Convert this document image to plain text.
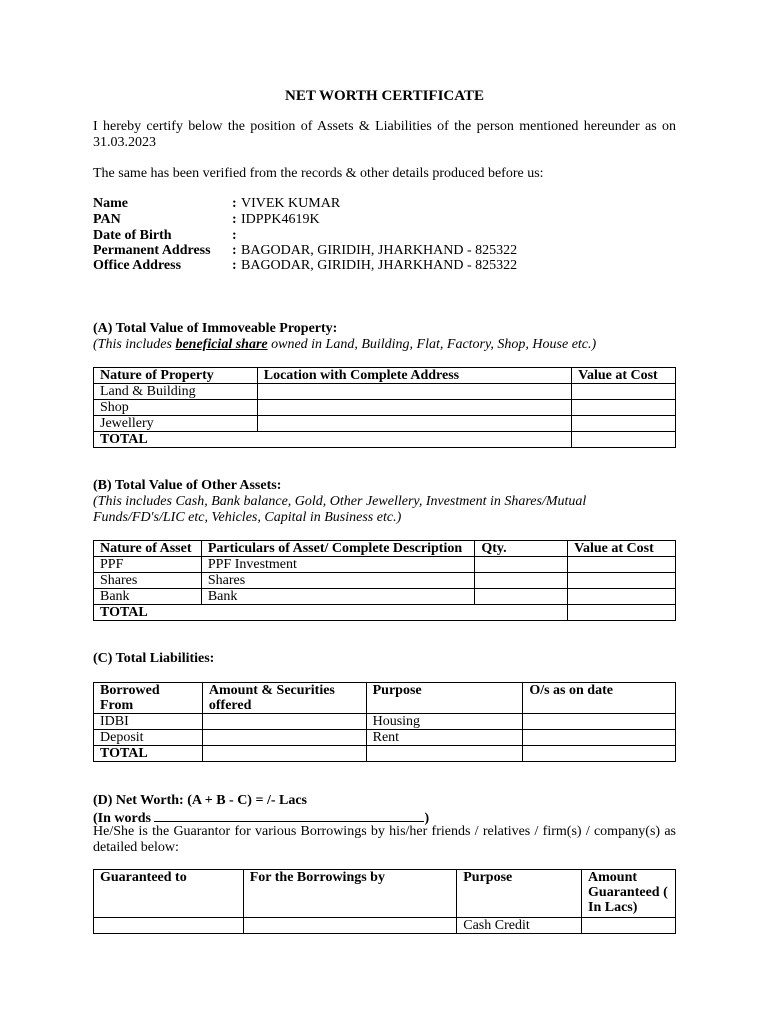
NET WORTH CERTIFICATE
I hereby certify below the position of Assets & Liabilities of the person mentioned hereunder as on 31.03.2023
The same has been verified from the records & other details produced before us:
Name	: VIVEK KUMAR
PAN	: IDPPK4619K
Date of Birth	:
Permanent Address : BAGODAR, GIRIDIH, JHARKHAND - 825322
Office Address	: BAGODAR, GIRIDIH, JHARKHAND - 825322
(A) Total Value of Immoveable Property:
(This includes beneficial share owned in Land, Building, Flat, Factory, Shop, House etc.)
Nature of Property	Location with Complete Address	Value at Cost
Land & Building		
Shop		
Jewellery		
TOTAL		
(B) Total Value of Other Assets:
(This includes Cash, Bank balance, Gold, Other Jewellery, Investment in Shares/Mutual Funds/FD's/LIC etc, Vehicles, Capital in Business etc.)
Nature of Asset	Particulars of Asset/ Complete Description	Qty.	Value at Cost
PPF	PPF Investment		
Shares	Shares		
Bank	Bank		
TOTAL			
(C) Total Liabilities:
Borrowed From	Amount & Securities offered	Purpose	O/s as on date
IDBI		Housing	
Deposit		Rent	
TOTAL			
(D) Net Worth: (A + B - C) = /- Lacs
(In words	)
He/She is the Guarantor for various Borrowings by his/her friends / relatives / firm(s) / company(s) as detailed below:
Guaranteed to	For the Borrowings by	Purpose	Amount Guaranteed ( In Lacs)
		Cash Credit	
